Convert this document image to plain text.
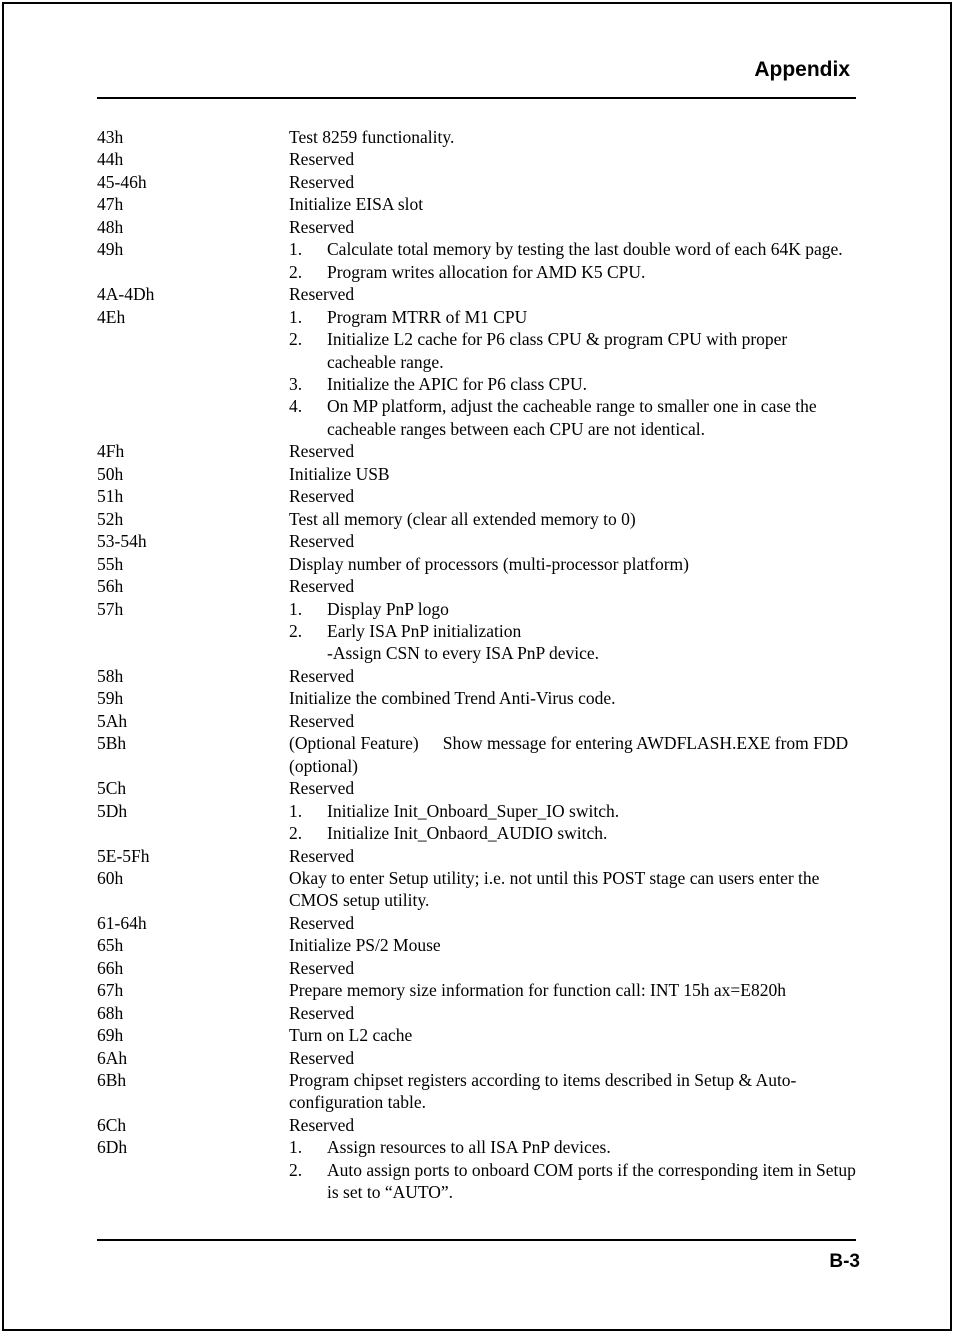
Appendix
43h	Test 8259 functionality.
44h	Reserved
45-46h	Reserved
47h	Initialize EISA slot
48h	Reserved
49h	1.	Calculate total memory by testing the last double word of each 64K page.
2.	Program writes allocation for AMD K5 CPU.
4A-4Dh	Reserved
4Eh	1.	Program MTRR of M1 CPU
2.	Initialize L2 cache for P6 class CPU & program CPU with proper cacheable range.
3.	Initialize the APIC for P6 class CPU.
4.	On MP platform, adjust the cacheable range to smaller one in case the cacheable ranges between each CPU are not identical.
4Fh	Reserved
50h	Initialize USB
51h	Reserved
52h	Test all memory (clear all extended memory to 0)
53-54h	Reserved
55h	Display number of processors (multi-processor platform)
56h	Reserved
57h	1.	Display PnP logo
2.	Early ISA PnP initialization
-Assign CSN to every ISA PnP device.
58h	Reserved
59h	Initialize the combined Trend Anti-Virus code.
5Ah	Reserved
5Bh	(Optional Feature) Show message for entering AWDFLASH.EXE from FDD (optional)
5Ch	Reserved
5Dh	1.	Initialize Init_Onboard_Super_IO switch.
2.	Initialize Init_Onbaord_AUDIO switch.
5E-5Fh	Reserved
60h	Okay to enter Setup utility; i.e. not until this POST stage can users enter the CMOS setup utility.
61-64h	Reserved
65h	Initialize PS/2 Mouse
66h	Reserved
67h	Prepare memory size information for function call: INT 15h ax=E820h
68h	Reserved
69h	Turn on L2 cache
6Ah	Reserved
6Bh	Program chipset registers according to items described in Setup & Auto-configuration table.
6Ch	Reserved
6Dh	1.	Assign resources to all ISA PnP devices.
2.	Auto assign ports to onboard COM ports if the corresponding item in Setup is set to “AUTO”.
B-3
